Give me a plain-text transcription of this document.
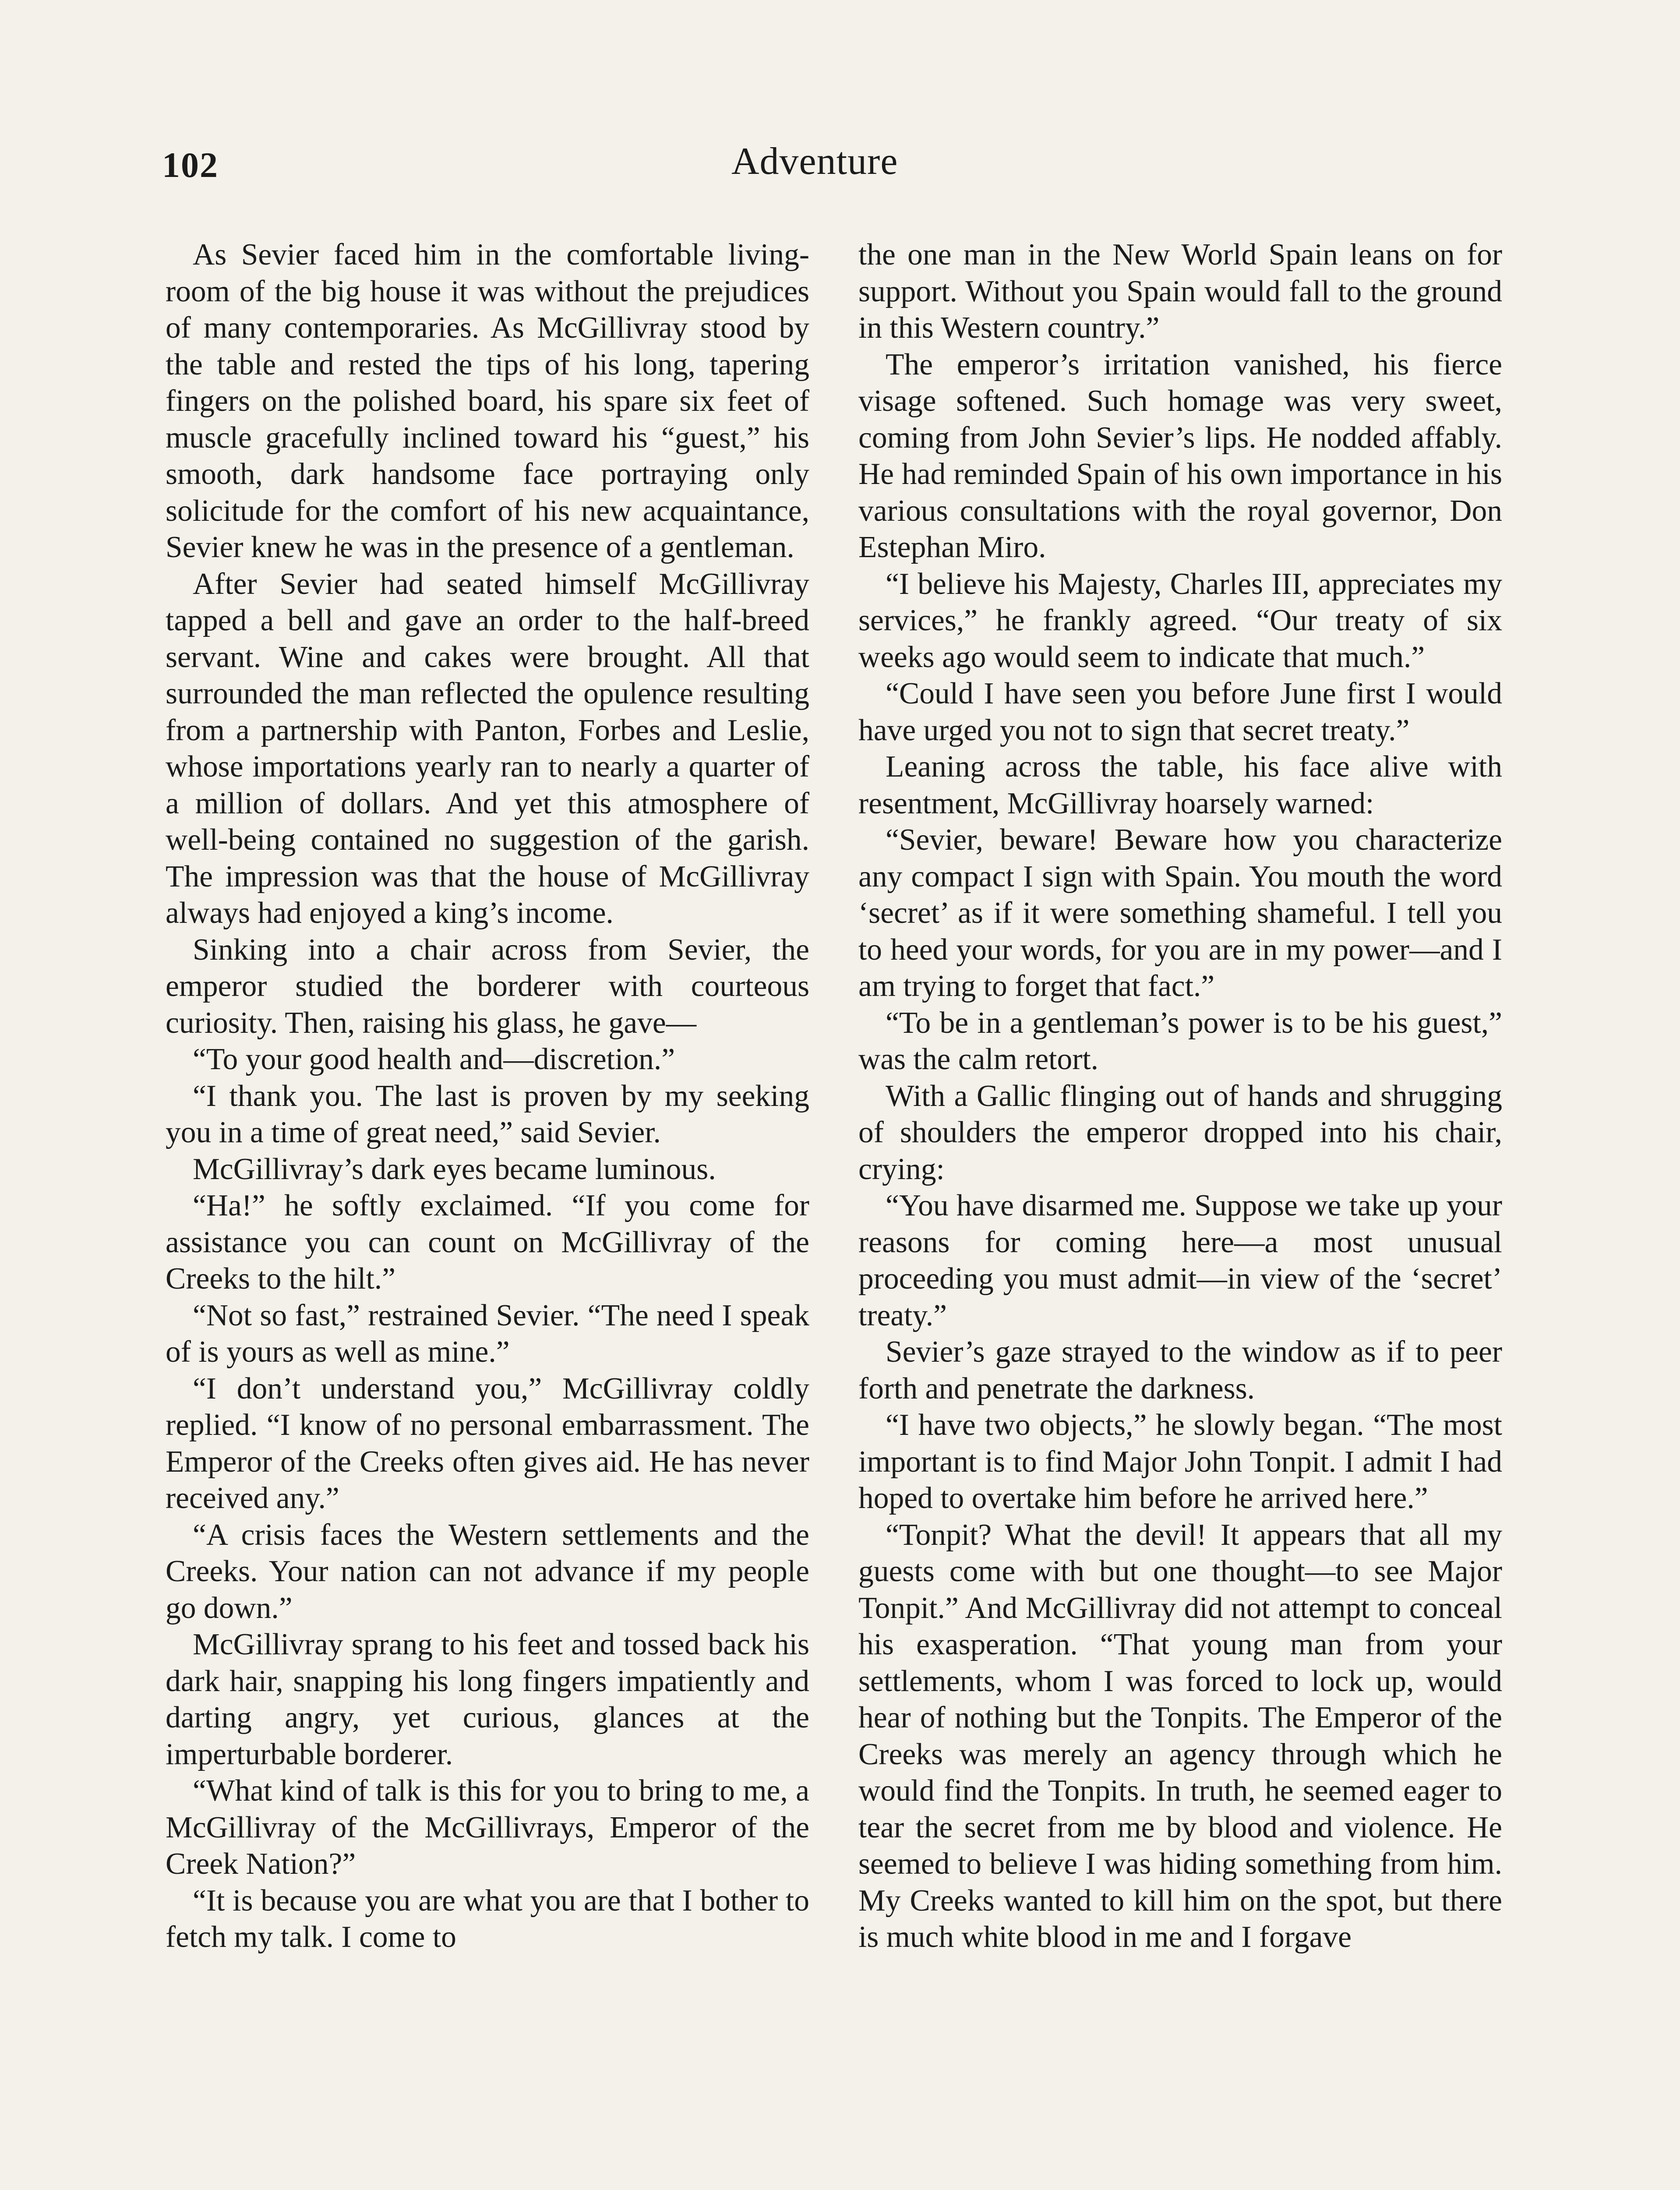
102	Adventure

As Sevier faced him in the comfortable living-room of the big house it was without the prejudices of many contemporaries. As McGillivray stood by the table and rested the tips of his long, tapering fingers on the polished board, his spare six feet of muscle gracefully inclined toward his “guest,” his smooth, dark handsome face portraying only solicitude for the comfort of his new acquaintance, Sevier knew he was in the presence of a gentleman.

After Sevier had seated himself McGillivray tapped a bell and gave an order to the half-breed servant. Wine and cakes were brought. All that surrounded the man reflected the opulence resulting from a partnership with Panton, Forbes and Leslie, whose importations yearly ran to nearly a quarter of a million of dollars. And yet this atmosphere of well-being contained no suggestion of the garish. The impression was that the house of McGillivray always had enjoyed a king’s income.

Sinking into a chair across from Sevier, the emperor studied the borderer with courteous curiosity. Then, raising his glass, he gave—

“To your good health and—discretion.”

“I thank you. The last is proven by my seeking you in a time of great need,” said Sevier.

McGillivray’s dark eyes became luminous.

“Ha!” he softly exclaimed. “If you come for assistance you can count on McGillivray of the Creeks to the hilt.”

“Not so fast,” restrained Sevier. “The need I speak of is yours as well as mine.”

“I don’t understand you,” McGillivray coldly replied. “I know of no personal embarrassment. The Emperor of the Creeks often gives aid. He has never received any.”

“A crisis faces the Western settlements and the Creeks. Your nation can not advance if my people go down.”

McGillivray sprang to his feet and tossed back his dark hair, snapping his long fingers impatiently and darting angry, yet curious, glances at the imperturbable borderer.

“What kind of talk is this for you to bring to me, a McGillivray of the McGillivrays, Emperor of the Creek Nation?”

“It is because you are what you are that I bother to fetch my talk. I come to

the one man in the New World Spain leans on for support. Without you Spain would fall to the ground in this Western country.”

The emperor’s irritation vanished, his fierce visage softened. Such homage was very sweet, coming from John Sevier’s lips. He nodded affably. He had reminded Spain of his own importance in his various consultations with the royal governor, Don Estephan Miro.

“I believe his Majesty, Charles III, appreciates my services,” he frankly agreed. “Our treaty of six weeks ago would seem to indicate that much.”

“Could I have seen you before June first I would have urged you not to sign that secret treaty.”

Leaning across the table, his face alive with resentment, McGillivray hoarsely warned:

“Sevier, beware! Beware how you characterize any compact I sign with Spain. You mouth the word ‘secret’ as if it were something shameful. I tell you to heed your words, for you are in my power—and I am trying to forget that fact.”

“To be in a gentleman’s power is to be his guest,” was the calm retort.

With a Gallic flinging out of hands and shrugging of shoulders the emperor dropped into his chair, crying:

“You have disarmed me. Suppose we take up your reasons for coming here—a most unusual proceeding you must admit—in view of the ‘secret’ treaty.”

Sevier’s gaze strayed to the window as if to peer forth and penetrate the darkness.

“I have two objects,” he slowly began. “The most important is to find Major John Tonpit. I admit I had hoped to overtake him before he arrived here.”

“Tonpit? What the devil! It appears that all my guests come with but one thought—to see Major Tonpit.” And McGillivray did not attempt to conceal his exasperation. “That young man from your settlements, whom I was forced to lock up, would hear of nothing but the Tonpits. The Emperor of the Creeks was merely an agency through which he would find the Tonpits. In truth, he seemed eager to tear the secret from me by blood and violence. He seemed to believe I was hiding something from him. My Creeks wanted to kill him on the spot, but there is much white blood in me and I forgave
